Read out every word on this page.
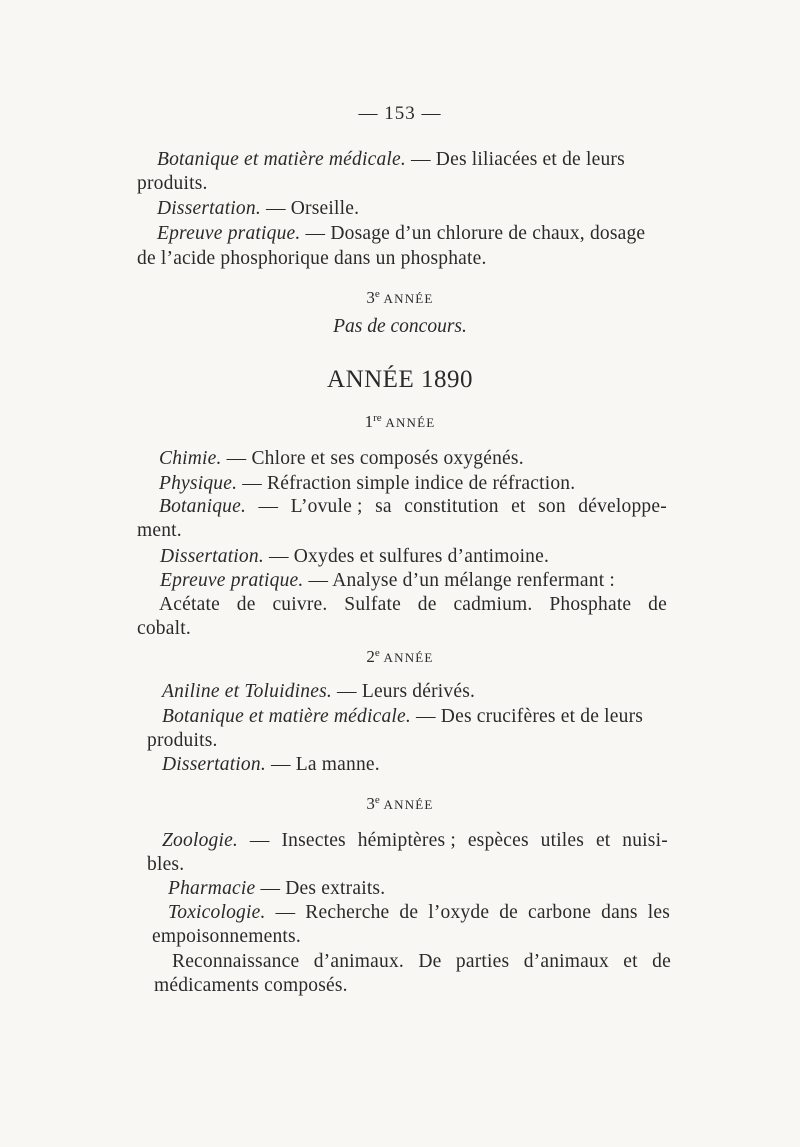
— 153 —
Botanique et matière médicale. — Des liliacées et de leurs
produits.
Dissertation. — Orseille.
Epreuve pratique. — Dosage d’un chlorure de chaux, dosage
de l’acide phosphorique dans un phosphate.
3e ANNÉE
Pas de concours.
ANNÉE 1890
1re ANNÉE
Chimie. — Chlore et ses composés oxygénés.
Physique. — Réfraction simple indice de réfraction.
Botanique. — L’ovule ; sa constitution et son développe-
ment.
Dissertation. — Oxydes et sulfures d’antimoine.
Epreuve pratique. — Analyse d’un mélange renfermant :
Acétate de cuivre. Sulfate de cadmium. Phosphate de
cobalt.
2e ANNÉE
Aniline et Toluidines. — Leurs dérivés.
Botanique et matière médicale. — Des crucifères et de leurs
produits.
Dissertation. — La manne.
3e ANNÉE
Zoologie. — Insectes hémiptères ; espèces utiles et nuisi-
bles.
Pharmacie — Des extraits.
Toxicologie. — Recherche de l’oxyde de carbone dans les
empoisonnements.
Reconnaissance d’animaux. De parties d’animaux et de
médicaments composés.
